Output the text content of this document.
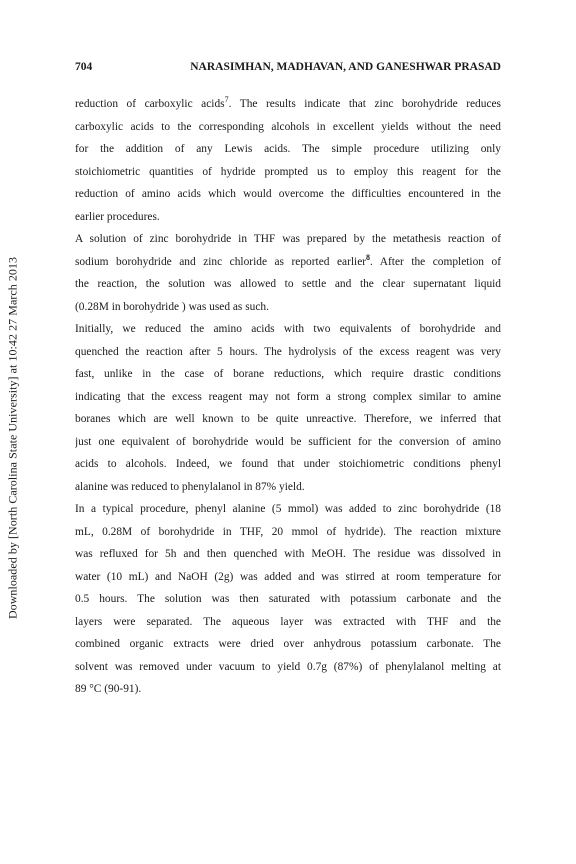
Downloaded by [North Carolina State University] at 10:42 27 March 2013
704	NARASIMHAN, MADHAVAN, AND GANESHWAR PRASAD
reduction of carboxylic acids$^7$. The results indicate that zinc borohydride reduces
carboxylic acids to the corresponding alcohols in excellent yields without the need
for the addition of any Lewis acids. The simple procedure utilizing only
stoichiometric quantities of hydride prompted us to employ this reagent for the
reduction of amino acids which would overcome the difficulties encountered in the
earlier procedures.
A solution of zinc borohydride in THF was prepared by the metathesis reaction of
sodium borohydride and zinc chloride as reported earlier$^8$. After the completion of
the reaction, the solution was allowed to settle and the clear supernatant liquid
(0.28M in borohydride ) was used as such.
Initially, we reduced the amino acids with two equivalents of borohydride and
quenched the reaction after 5 hours. The hydrolysis of the excess reagent was very
fast, unlike in the case of borane reductions, which require drastic conditions
indicating that the excess reagent may not form a strong complex similar to amine
boranes which are well known to be quite unreactive. Therefore, we inferred that
just one equivalent of borohydride would be sufficient for the conversion of amino
acids to alcohols. Indeed, we found that under stoichiometric conditions phenyl
alanine was reduced to phenylalanol in 87% yield.
In a typical procedure, phenyl alanine (5 mmol) was added to zinc borohydride (18
mL, 0.28M of borohydride in THF, 20 mmol of hydride). The reaction mixture
was refluxed for 5h and then quenched with MeOH. The residue was dissolved in
water (10 mL) and NaOH (2g) was added and was stirred at room temperature for
0.5 hours. The solution was then saturated with potassium carbonate and the
layers were separated. The aqueous layer was extracted with THF and the
combined organic extracts were dried over anhydrous potassium carbonate. The
solvent was removed under vacuum to yield 0.7g (87%) of phenylalanol melting at
89 °C (90-91).
